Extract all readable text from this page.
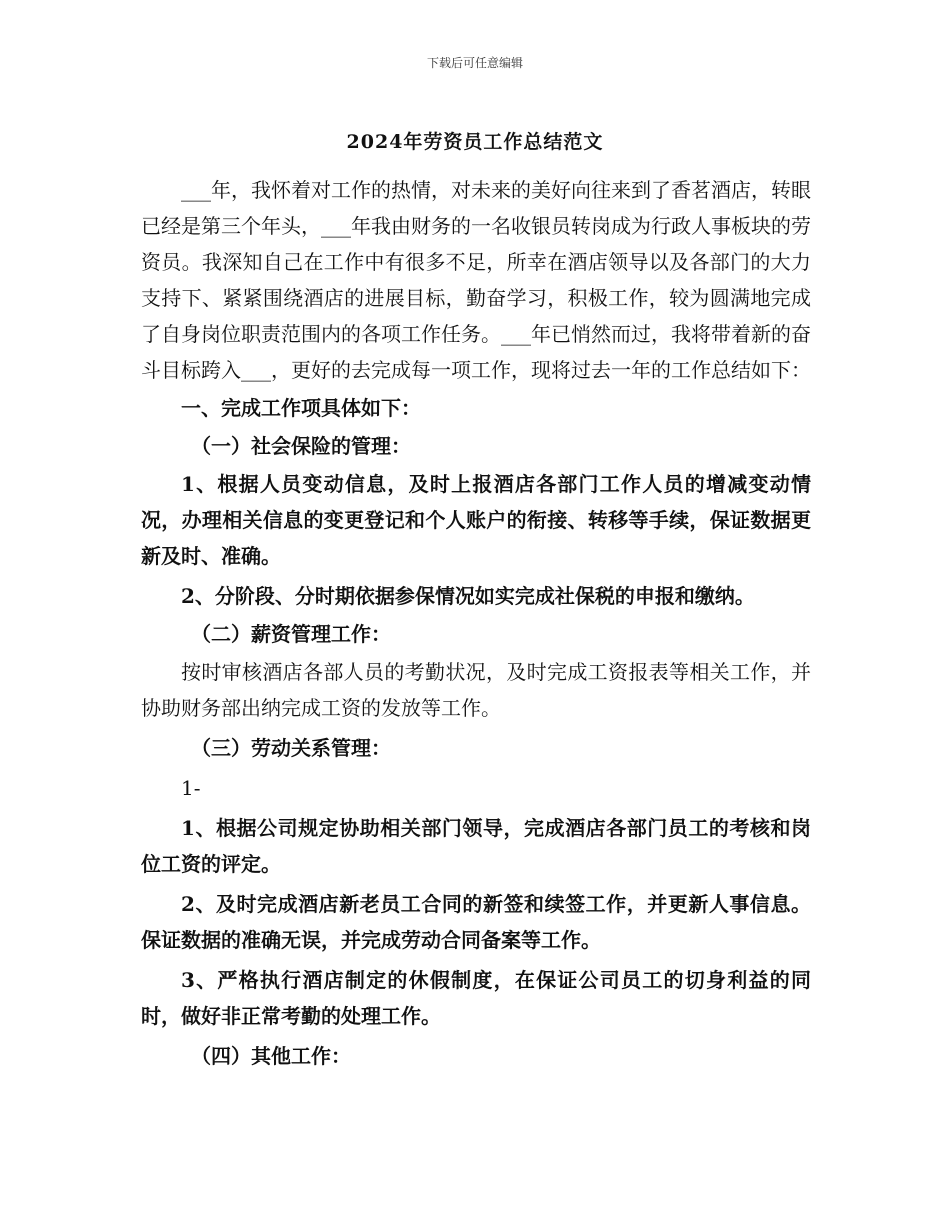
下载后可任意编辑
2024年劳资员工作总结范文

___年，我怀着对工作的热情，对未来的美好向往来到了香茗酒店，转眼已经是第三个年头，___年我由财务的一名收银员转岗成为行政人事板块的劳资员。我深知自己在工作中有很多不足，所幸在酒店领导以及各部门的大力支持下、紧紧围绕酒店的进展目标，勤奋学习，积极工作，较为圆满地完成了自身岗位职责范围内的各项工作任务。___年已悄然而过，我将带着新的奋斗目标跨入___，更好的去完成每一项工作，现将过去一年的工作总结如下：

一、完成工作项具体如下：

（一）社会保险的管理：

1、根据人员变动信息，及时上报酒店各部门工作人员的增减变动情况，办理相关信息的变更登记和个人账户的衔接、转移等手续，保证数据更新及时、准确。

2、分阶段、分时期依据参保情况如实完成社保税的申报和缴纳。

（二）薪资管理工作：

按时审核酒店各部人员的考勤状况，及时完成工资报表等相关工作，并协助财务部出纳完成工资的发放等工作。

（三）劳动关系管理：

1-

1、根据公司规定协助相关部门领导，完成酒店各部门员工的考核和岗位工资的评定。

2、及时完成酒店新老员工合同的新签和续签工作，并更新人事信息。保证数据的准确无误，并完成劳动合同备案等工作。

3、严格执行酒店制定的休假制度，在保证公司员工的切身利益的同时，做好非正常考勤的处理工作。

（四）其他工作：
